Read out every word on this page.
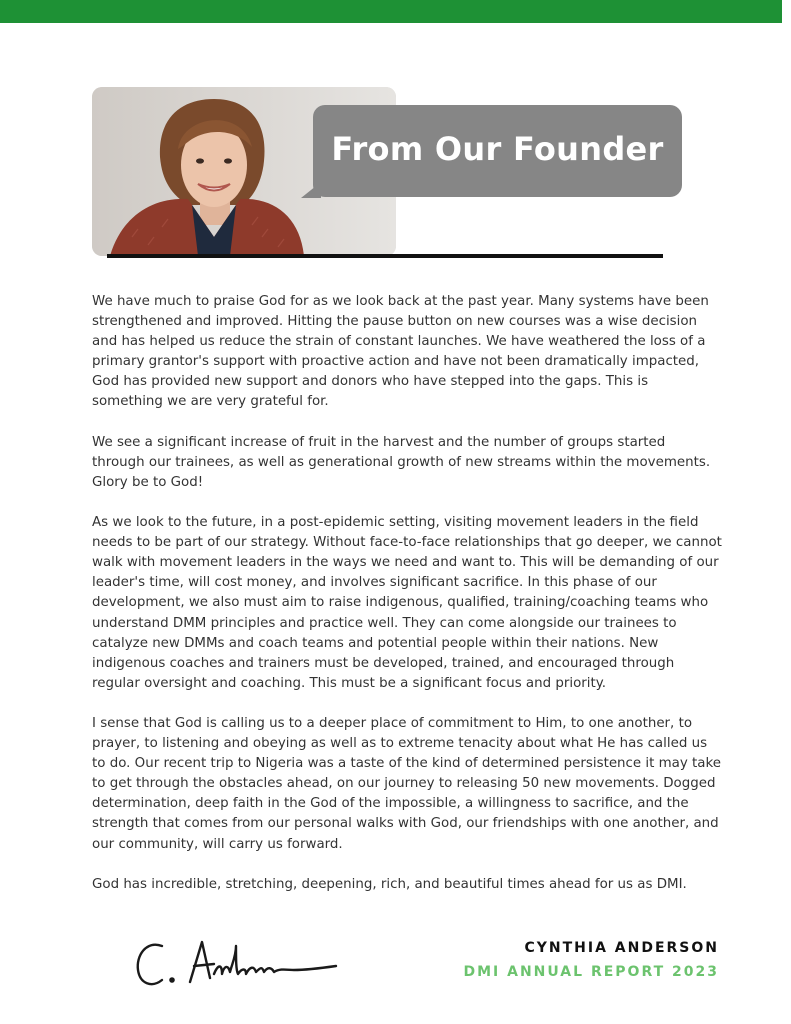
From Our Founder

We have much to praise God for as we look back at the past year. Many systems have been strengthened and improved. Hitting the pause button on new courses was a wise decision and has helped us reduce the strain of constant launches. We have weathered the loss of a primary grantor's support with proactive action and have not been dramatically impacted, God has provided new support and donors who have stepped into the gaps. This is something we are very grateful for.

We see a significant increase of fruit in the harvest and the number of groups started through our trainees, as well as generational growth of new streams within the movements. Glory be to God!

As we look to the future, in a post-epidemic setting, visiting movement leaders in the field needs to be part of our strategy. Without face-to-face relationships that go deeper, we cannot walk with movement leaders in the ways we need and want to. This will be demanding of our leader's time, will cost money, and involves significant sacrifice. In this phase of our development, we also must aim to raise indigenous, qualified, training/coaching teams who understand DMM principles and practice well. They can come alongside our trainees to catalyze new DMMs and coach teams and potential people within their nations. New indigenous coaches and trainers must be developed, trained, and encouraged through regular oversight and coaching. This must be a significant focus and priority.

I sense that God is calling us to a deeper place of commitment to Him, to one another, to prayer, to listening and obeying as well as to extreme tenacity about what He has called us to do. Our recent trip to Nigeria was a taste of the kind of determined persistence it may take to get through the obstacles ahead, on our journey to releasing 50 new movements. Dogged determination, deep faith in the God of the impossible, a willingness to sacrifice, and the strength that comes from our personal walks with God, our friendships with one another, and our community, will carry us forward.

God has incredible, stretching, deepening, rich, and beautiful times ahead for us as DMI.

CYNTHIA ANDERSON
DMI ANNUAL REPORT 2023
